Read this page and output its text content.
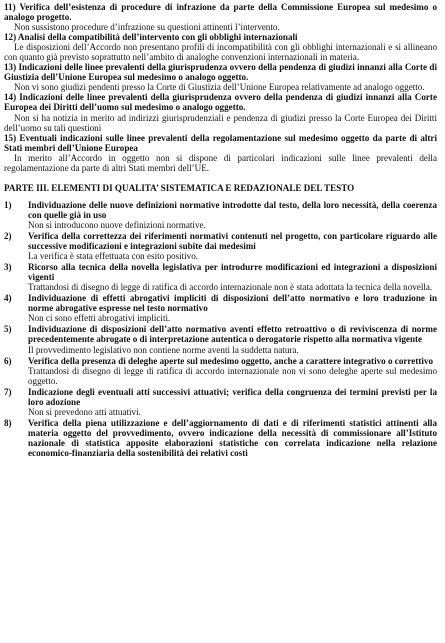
11) Verifica dell’esistenza di procedure di infrazione da parte della Commissione Europea sul medesimo o analogo progetto.
Non sussistono procedure d’infrazione su questioni attinenti l’intervento.
12) Analisi della compatibilità dell’intervento con gli obblighi internazionali
Le disposizioni dell’Accordo non presentano profili di incompatibilità con gli obblighi internazionali e si allineano con quanto già previsto soprattutto nell’ambito di analoghe convenzioni internazionali in materia.
13) Indicazioni delle linee prevalenti della giurisprudenza ovvero della pendenza di giudizi innanzi alla Corte di Giustizia dell’Unione Europea sul medesimo o analogo oggetto.
Non vi sono giudizi pendenti presso la Corte di Giustizia dell’Unione Europea relativamente ad analogo oggetto.
14) Indicazioni delle linee prevalenti della giurisprudenza ovvero della pendenza di giudizi innanzi alla Corte Europea dei Diritti dell’uomo sul medesimo o analogo oggetto.
Non si ha notizia in merito ad indirizzi giurisprudenziali e pendenza di giudizi presso la Corte Europea dei Diritti dell’uomo su tali questioni
15) Eventuali indicazioni sulle linee prevalenti della regolamentazione sul medesimo oggetto da parte di altri Stati membri dell’Unione Europea
In merito all’Accordo in oggetto non si dispone di particolari indicazioni sulle linee prevalenti della regolamentazione da parte di altri Stati membri dell’UE.
PARTE III. ELEMENTI DI QUALITA’ SISTEMATICA E REDAZIONALE DEL TESTO
1)	Individuazione delle nuove definizioni normative introdotte dal testo, della loro necessità, della coerenza con quelle già in uso
Non si introducono nuove definizioni normative.
2)	Verifica della correttezza dei riferimenti normativi contenuti nel progetto, con particolare riguardo alle successive modificazioni e integrazioni subite dai medesimi
La verifica è stata effettuata con esito positivo.
3)	Ricorso alla tecnica della novella legislativa per introdurre modificazioni ed integrazioni a disposizioni vigenti
Trattandosi di disegno di legge di ratifica di accordo internazionale non è stata adottata la tecnica della novella.
4)	Individuazione di effetti abrogativi impliciti di disposizioni dell’atto normativo e loro traduzione in norme abrogative espresse nel testo normativo
Non ci sono effetti abrogativi impliciti.
5)	Individuazione di disposizioni dell’atto normativo aventi effetto retroattivo o di reviviscenza di norme precedentemente abrogate o di interpretazione autentica o derogatorie rispetto alla normativa vigente
Il provvedimento legislativo non contiene norme aventi la suddetta natura.
6)	Verifica della presenza di deleghe aperte sul medesimo oggetto, anche a carattere integrativo o correttivo
Trattandosi di disegno di legge di ratifica di accordo internazionale non vi sono deleghe aperte sul medesimo oggetto.
7)	Indicazione degli eventuali atti successivi attuativi; verifica della congruenza dei termini previsti per la loro adozione
Non si prevedono atti attuativi.
8)	Verifica della piena utilizzazione e dell’aggiornamento di dati e di riferimenti statistici attinenti alla materia oggetto del provvedimento, ovvero indicazione della necessità di commissionare all’Istituto nazionale di statistica apposite elaborazioni statistiche con correlata indicazione nella relazione economico-finanziaria della sostenibilità dei relativi costi
